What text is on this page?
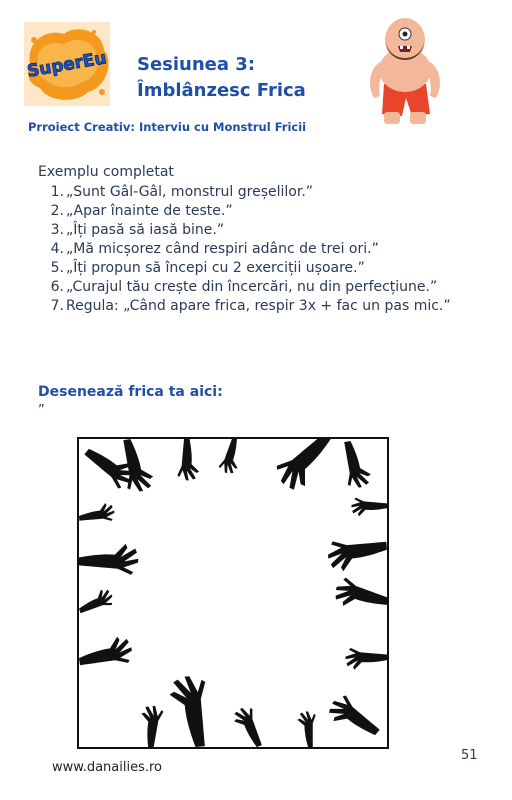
SuperEu Sesiunea 3:
Îmblânzesc Frica
Prroiect Creativ: Interviu cu Monstrul Fricii
Exemplu completat
1. „Sunt Gâl-Gâl, monstrul greșelilor.”
2. „Apar înainte de teste.”
3. „Îți pasă să iasă bine.”
4. „Mă micșorez când respiri adânc de trei ori.”
5. „Îți propun să începi cu 2 exerciții ușoare.”
6. „Curajul tău crește din încercări, nu din perfecțiune.”
7. Regula: „Când apare frica, respir 3x + fac un pas mic.”
Desenează frica ta aici:
”
www.danailies.ro
51
